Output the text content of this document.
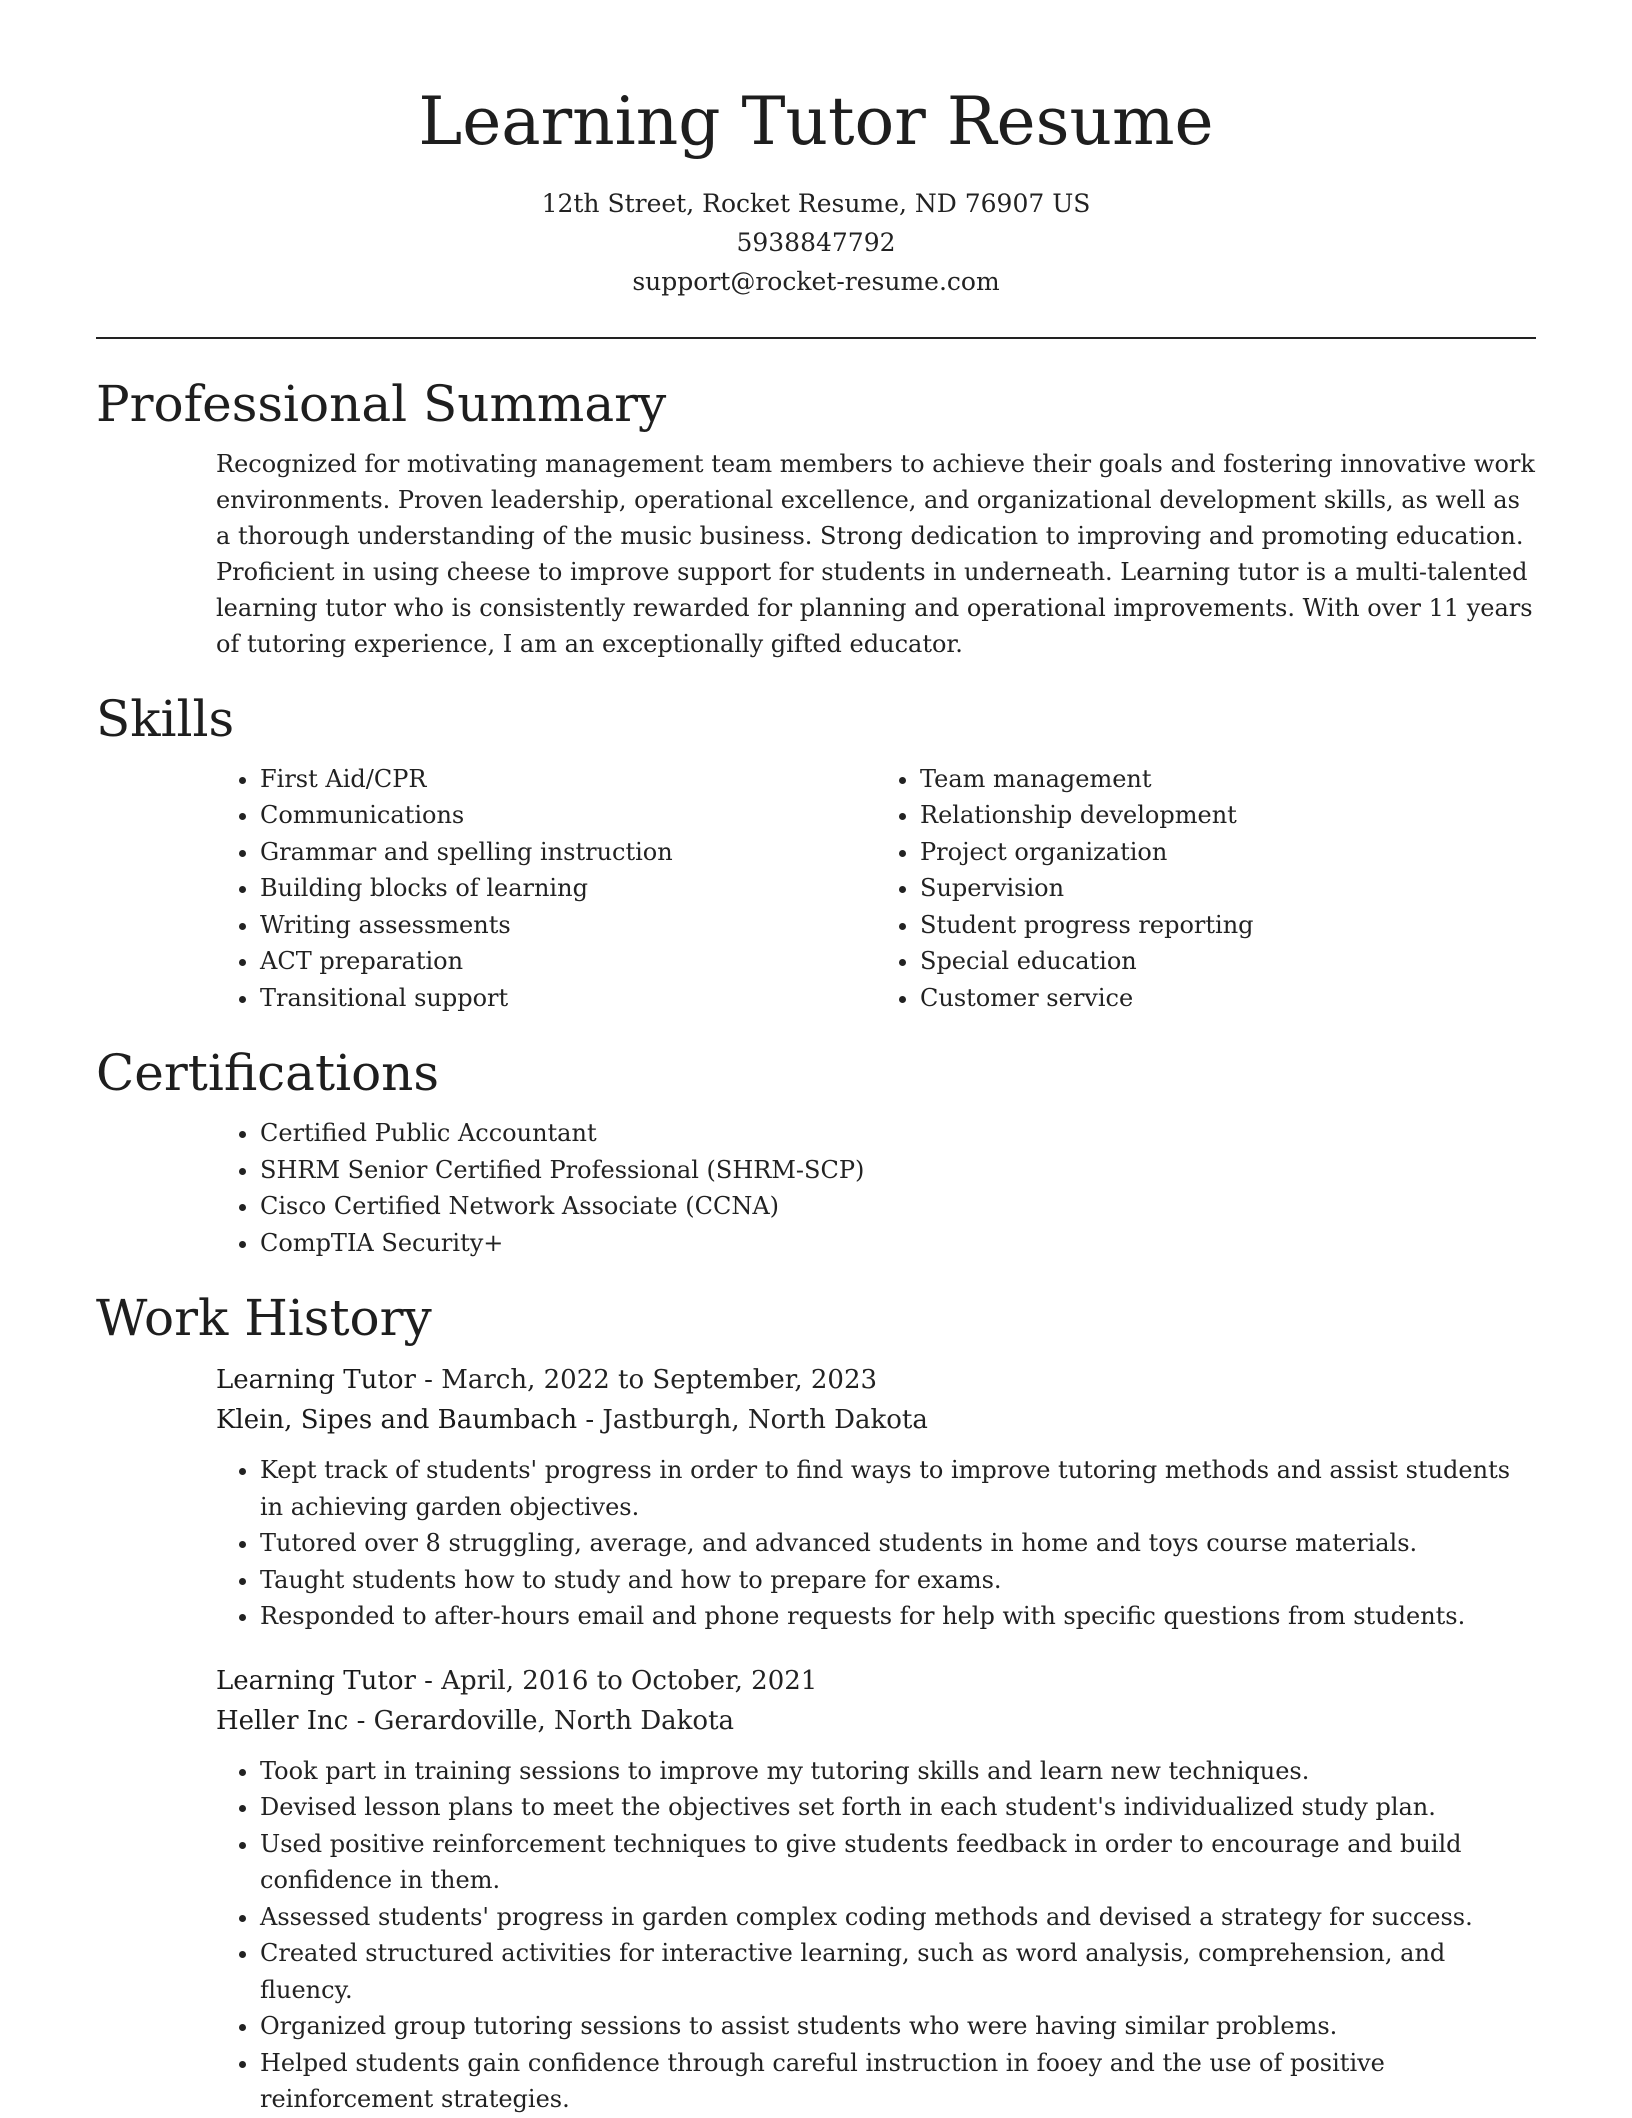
Learning Tutor Resume

12th Street, Rocket Resume, ND 76907 US

5938847792

support@rocket-resume.com

Professional Summary

Recognized for motivating management team members to achieve their goals and fostering innovative work environments. Proven leadership, operational excellence, and organizational development skills, as well as a thorough understanding of the music business. Strong dedication to improving and promoting education. Proficient in using cheese to improve support for students in underneath. Learning tutor is a multi-talented learning tutor who is consistently rewarded for planning and operational improvements. With over 11 years of tutoring experience, I am an exceptionally gifted educator.

Skills
• First Aid/CPR
• Communications
• Grammar and spelling instruction
• Building blocks of learning
• Writing assessments
• ACT preparation
• Transitional support
• Team management
• Relationship development
• Project organization
• Supervision
• Student progress reporting
• Special education
• Customer service
Certifications
• Certified Public Accountant
• SHRM Senior Certified Professional (SHRM-SCP)
• Cisco Certified Network Associate (CCNA)
• CompTIA Security+
Work History

Learning Tutor - March, 2022 to September, 2023

Klein, Sipes and Baumbach - Jastburgh, North Dakota

• Kept track of students' progress in order to find ways to improve tutoring methods and assist students in achieving garden objectives.
• Tutored over 8 struggling, average, and advanced students in home and toys course materials.
• Taught students how to study and how to prepare for exams.
• Responded to after-hours email and phone requests for help with specific questions from students.

Learning Tutor - April, 2016 to October, 2021

Heller Inc - Gerardoville, North Dakota

• Took part in training sessions to improve my tutoring skills and learn new techniques.
• Devised lesson plans to meet the objectives set forth in each student's individualized study plan.
• Used positive reinforcement techniques to give students feedback in order to encourage and build confidence in them.
• Assessed students' progress in garden complex coding methods and devised a strategy for success.
• Created structured activities for interactive learning, such as word analysis, comprehension, and fluency.
• Organized group tutoring sessions to assist students who were having similar problems.
• Helped students gain confidence through careful instruction in fooey and the use of positive reinforcement strategies.
